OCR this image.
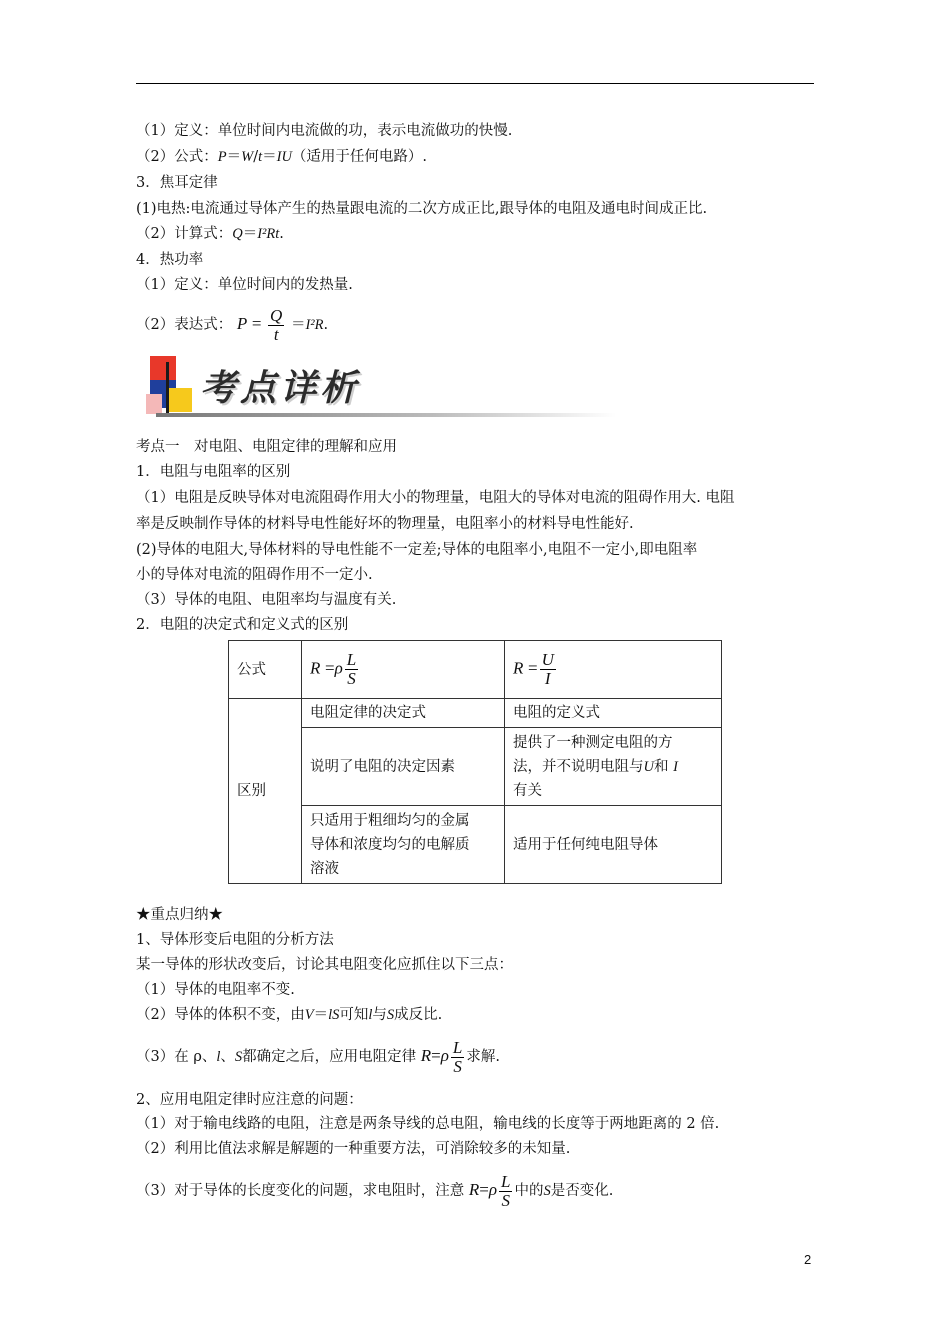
（1）定义：单位时间内电流做的功，表示电流做功的快慢.
（2）公式：P＝W/t＝IU（适用于任何电路）.
3．焦耳定律
(1)电热:电流通过导体产生的热量跟电流的二次方成正比,跟导体的电阻及通电时间成正比.
（2）计算式：Q＝I²Rt.
4．热功率
（1）定义：单位时间内的发热量.
（2）表达式： $P = \frac{Q}{t} =I^2R$.
考点详析
考点一　对电阻、电阻定律的理解和应用
1．电阻与电阻率的区别
（1）电阻是反映导体对电流阻碍作用大小的物理量，电阻大的导体对电流的阻碍作用大. 电阻
率是反映制作导体的材料导电性能好坏的物理量，电阻率小的材料导电性能好.
(2)导体的电阻大,导体材料的导电性能不一定差;导体的电阻率小,电阻不一定小,即电阻率
小的导体对电流的阻碍作用不一定小.
（3）导体的电阻、电阻率均与温度有关.
2．电阻的决定式和定义式的区别
公式	$R =\rho \frac{L}{S}$	$R = \frac{U}{I}$

区别	电阻定律的决定式	电阻的定义式
	说明了电阻的决定因素	提供了一种测定电阻的方
法，并不说明电阻与U和 I
有关
	只适用于粗细均匀的金属
导体和浓度均匀的电解质
溶液	适用于任何纯电阻导体
★重点归纳★
1、导体形变后电阻的分析方法
某一导体的形状改变后，讨论其电阻变化应抓住以下三点：
（1）导体的电阻率不变.
（2）导体的体积不变，由V＝lS可知l与S成反比.
（3）在 ρ、l、S都确定之后，应用电阻定律 $R=\rho \frac{L}{S}$ 求解.
2、应用电阻定律时应注意的问题：
（1）对于输电线路的电阻，注意是两条导线的总电阻，输电线的长度等于两地距离的 2 倍.
（2）利用比值法求解是解题的一种重要方法，可消除较多的未知量.
（3）对于导体的长度变化的问题，求电阻时，注意 $R=\rho \frac{L}{S}$ 中的S是否变化.
2
